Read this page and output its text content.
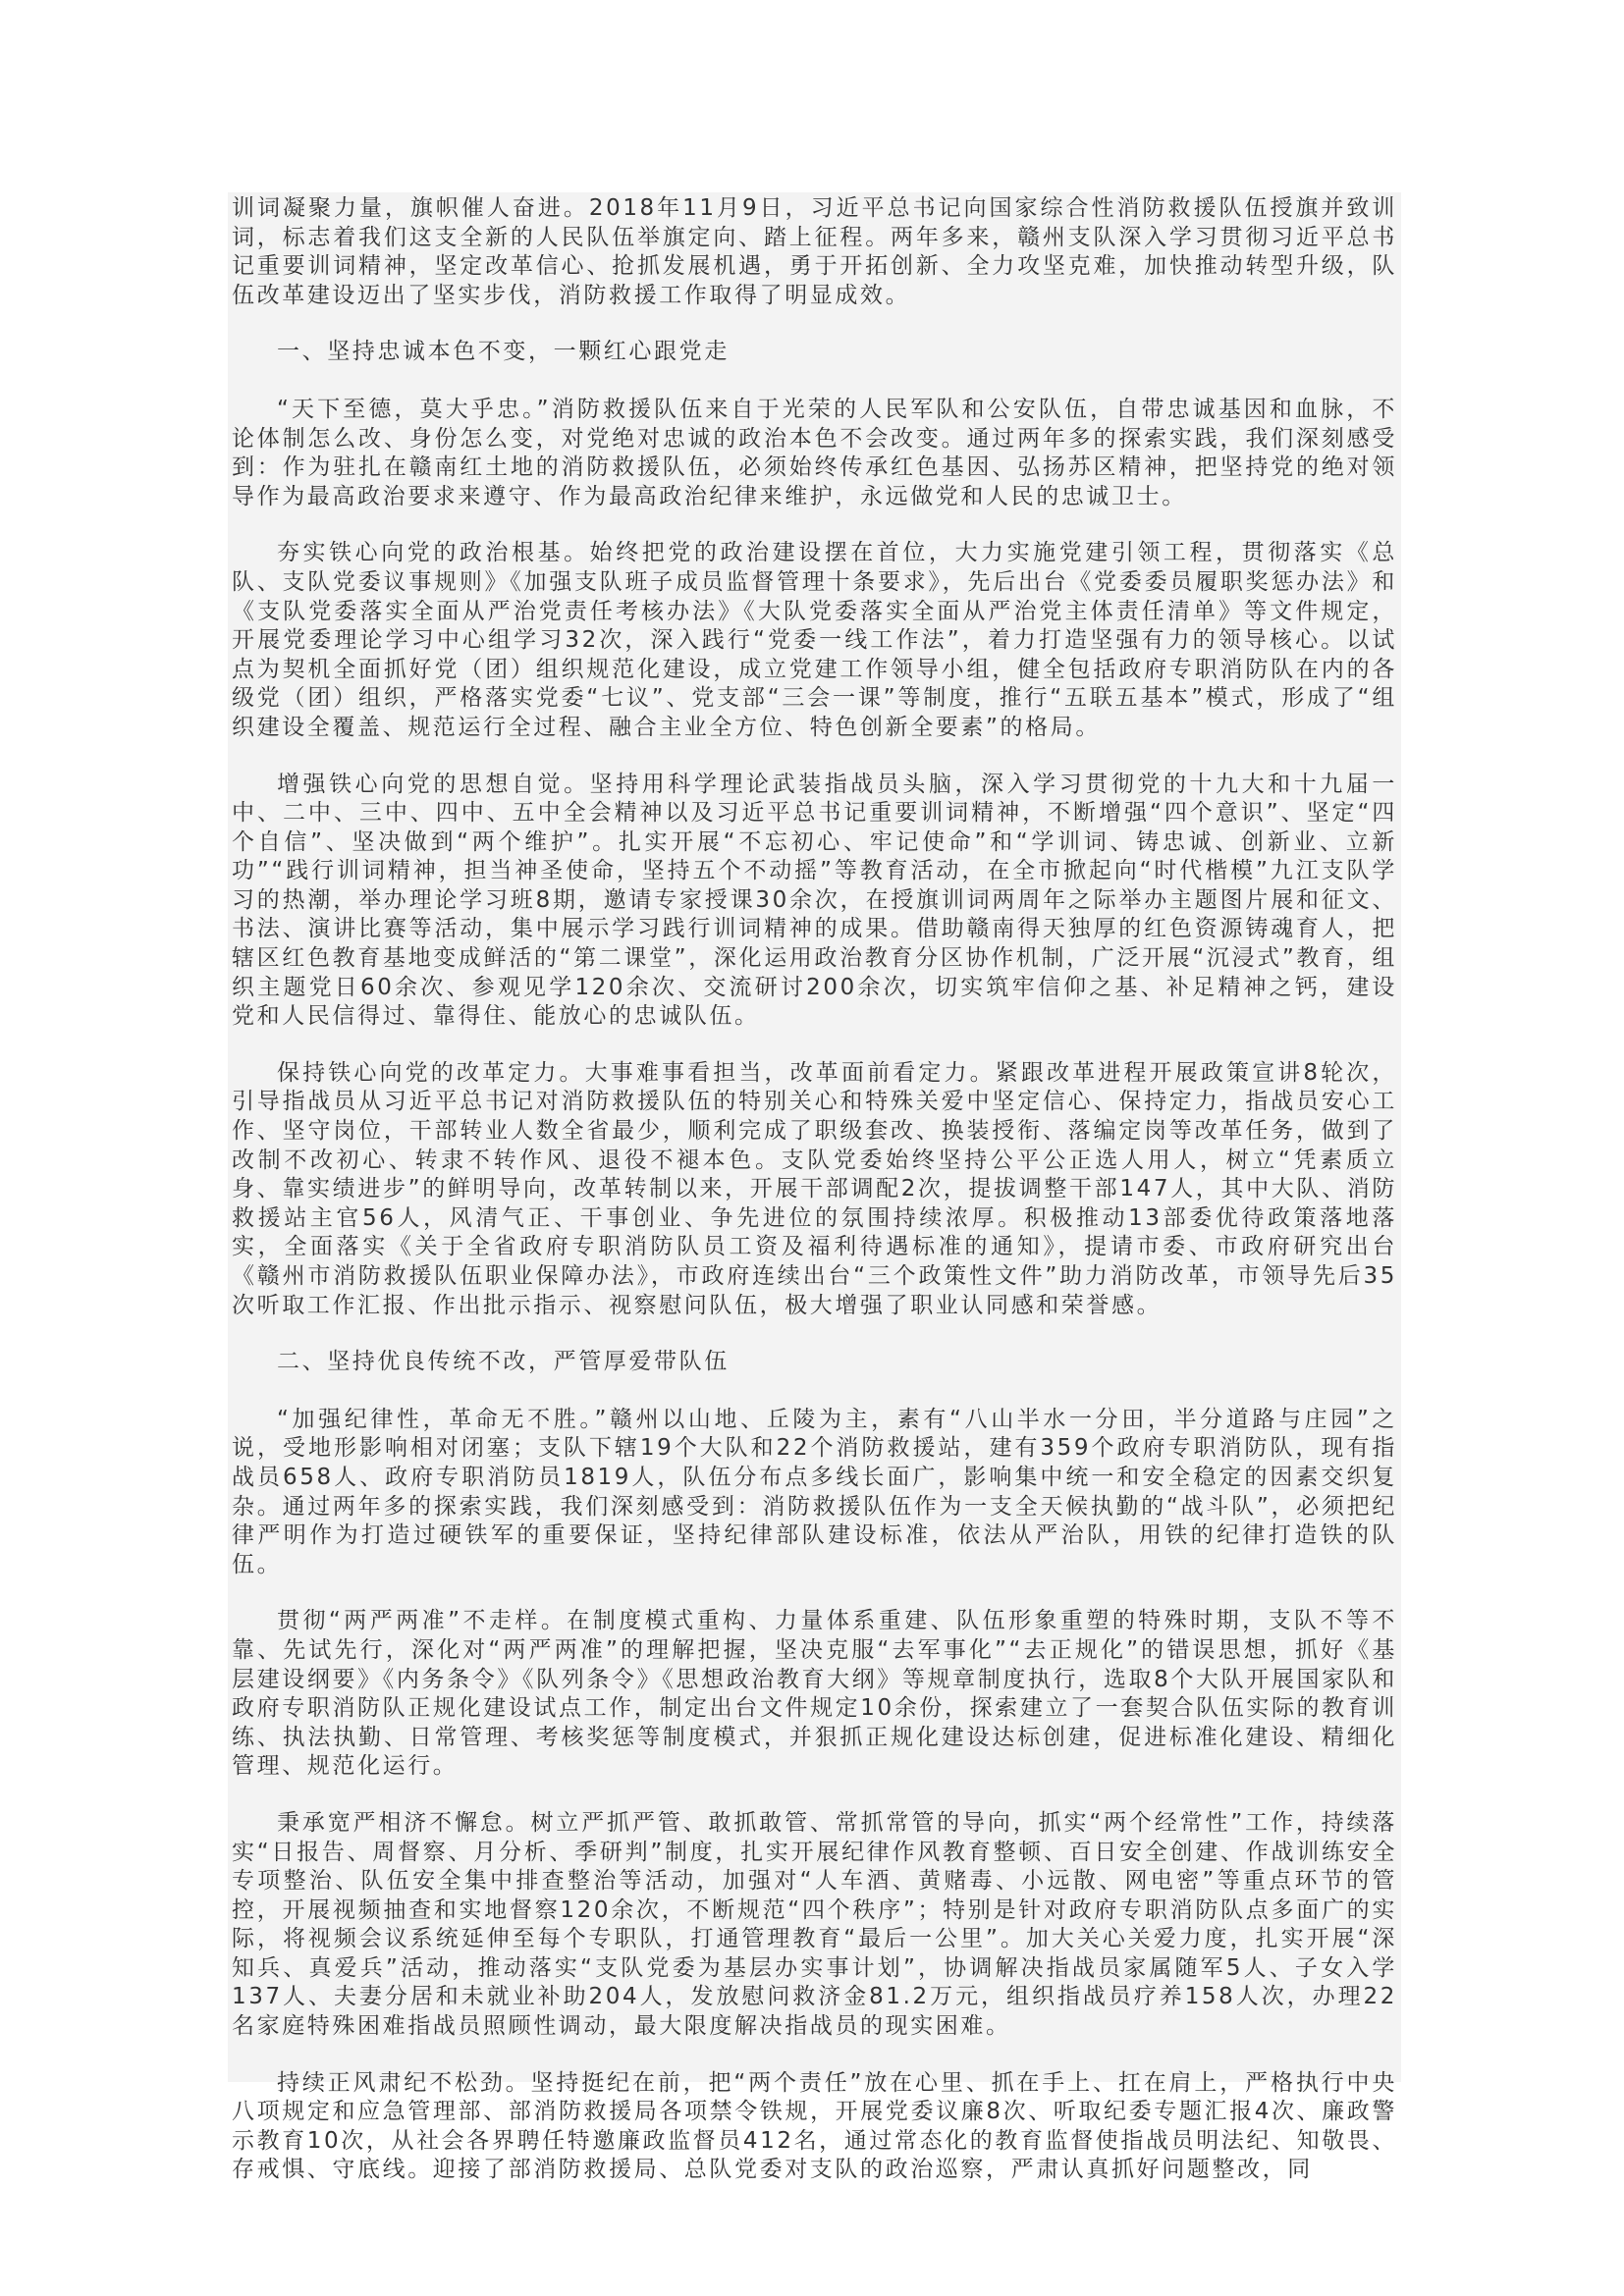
训词凝聚力量，旗帜催人奋进。2018年11月9日，习近平总书记向国家综合性消防救援队伍授旗并致训词，标志着我们这支全新的人民队伍举旗定向、踏上征程。两年多来，赣州支队深入学习贯彻习近平总书记重要训词精神，坚定改革信心、抢抓发展机遇，勇于开拓创新、全力攻坚克难，加快推动转型升级，队伍改革建设迈出了坚实步伐，消防救援工作取得了明显成效。

一、坚持忠诚本色不变，一颗红心跟党走

“天下至德，莫大乎忠。”消防救援队伍来自于光荣的人民军队和公安队伍，自带忠诚基因和血脉，不论体制怎么改、身份怎么变，对党绝对忠诚的政治本色不会改变。通过两年多的探索实践，我们深刻感受到：作为驻扎在赣南红土地的消防救援队伍，必须始终传承红色基因、弘扬苏区精神，把坚持党的绝对领导作为最高政治要求来遵守、作为最高政治纪律来维护，永远做党和人民的忠诚卫士。

夯实铁心向党的政治根基。始终把党的政治建设摆在首位，大力实施党建引领工程，贯彻落实《总队、支队党委议事规则》《加强支队班子成员监督管理十条要求》，先后出台《党委委员履职奖惩办法》和《支队党委落实全面从严治党责任考核办法》《大队党委落实全面从严治党主体责任清单》等文件规定，开展党委理论学习中心组学习32次，深入践行“党委一线工作法”，着力打造坚强有力的领导核心。以试点为契机全面抓好党（团）组织规范化建设，成立党建工作领导小组，健全包括政府专职消防队在内的各级党（团）组织，严格落实党委“七议”、党支部“三会一课”等制度，推行“五联五基本”模式，形成了“组织建设全覆盖、规范运行全过程、融合主业全方位、特色创新全要素”的格局。

增强铁心向党的思想自觉。坚持用科学理论武装指战员头脑，深入学习贯彻党的十九大和十九届一中、二中、三中、四中、五中全会精神以及习近平总书记重要训词精神，不断增强“四个意识”、坚定“四个自信”、坚决做到“两个维护”。扎实开展“不忘初心、牢记使命”和“学训词、铸忠诚、创新业、立新功”“践行训词精神，担当神圣使命，坚持五个不动摇”等教育活动，在全市掀起向“时代楷模”九江支队学习的热潮，举办理论学习班8期，邀请专家授课30余次，在授旗训词两周年之际举办主题图片展和征文、书法、演讲比赛等活动，集中展示学习践行训词精神的成果。借助赣南得天独厚的红色资源铸魂育人，把辖区红色教育基地变成鲜活的“第二课堂”，深化运用政治教育分区协作机制，广泛开展“沉浸式”教育，组织主题党日60余次、参观见学120余次、交流研讨200余次，切实筑牢信仰之基、补足精神之钙，建设党和人民信得过、靠得住、能放心的忠诚队伍。

保持铁心向党的改革定力。大事难事看担当，改革面前看定力。紧跟改革进程开展政策宣讲8轮次，引导指战员从习近平总书记对消防救援队伍的特别关心和特殊关爱中坚定信心、保持定力，指战员安心工作、坚守岗位，干部转业人数全省最少，顺利完成了职级套改、换装授衔、落编定岗等改革任务，做到了改制不改初心、转隶不转作风、退役不褪本色。支队党委始终坚持公平公正选人用人，树立“凭素质立身、靠实绩进步”的鲜明导向，改革转制以来，开展干部调配2次，提拔调整干部147人，其中大队、消防救援站主官56人，风清气正、干事创业、争先进位的氛围持续浓厚。积极推动13部委优待政策落地落实，全面落实《关于全省政府专职消防队员工资及福利待遇标准的通知》，提请市委、市政府研究出台《赣州市消防救援队伍职业保障办法》，市政府连续出台“三个政策性文件”助力消防改革，市领导先后35次听取工作汇报、作出批示指示、视察慰问队伍，极大增强了职业认同感和荣誉感。

二、坚持优良传统不改，严管厚爱带队伍

“加强纪律性，革命无不胜。”赣州以山地、丘陵为主，素有“八山半水一分田，半分道路与庄园”之说，受地形影响相对闭塞；支队下辖19个大队和22个消防救援站，建有359个政府专职消防队，现有指战员658人、政府专职消防员1819人，队伍分布点多线长面广，影响集中统一和安全稳定的因素交织复杂。通过两年多的探索实践，我们深刻感受到：消防救援队伍作为一支全天候执勤的“战斗队”，必须把纪律严明作为打造过硬铁军的重要保证，坚持纪律部队建设标准，依法从严治队，用铁的纪律打造铁的队伍。

贯彻“两严两准”不走样。在制度模式重构、力量体系重建、队伍形象重塑的特殊时期，支队不等不靠、先试先行，深化对“两严两准”的理解把握，坚决克服“去军事化”“去正规化”的错误思想，抓好《基层建设纲要》《内务条令》《队列条令》《思想政治教育大纲》等规章制度执行，选取8个大队开展国家队和政府专职消防队正规化建设试点工作，制定出台文件规定10余份，探索建立了一套契合队伍实际的教育训练、执法执勤、日常管理、考核奖惩等制度模式，并狠抓正规化建设达标创建，促进标准化建设、精细化管理、规范化运行。

秉承宽严相济不懈怠。树立严抓严管、敢抓敢管、常抓常管的导向，抓实“两个经常性”工作，持续落实“日报告、周督察、月分析、季研判”制度，扎实开展纪律作风教育整顿、百日安全创建、作战训练安全专项整治、队伍安全集中排查整治等活动，加强对“人车酒、黄赌毒、小远散、网电密”等重点环节的管控，开展视频抽查和实地督察120余次，不断规范“四个秩序”；特别是针对政府专职消防队点多面广的实际，将视频会议系统延伸至每个专职队，打通管理教育“最后一公里”。加大关心关爱力度，扎实开展“深知兵、真爱兵”活动，推动落实“支队党委为基层办实事计划”，协调解决指战员家属随军5人、子女入学137人、夫妻分居和未就业补助204人，发放慰问救济金81.2万元，组织指战员疗养158人次，办理22名家庭特殊困难指战员照顾性调动，最大限度解决指战员的现实困难。

持续正风肃纪不松劲。坚持挺纪在前，把“两个责任”放在心里、抓在手上、扛在肩上，严格执行中央八项规定和应急管理部、部消防救援局各项禁令铁规，开展党委议廉8次、听取纪委专题汇报4次、廉政警示教育10次，从社会各界聘任特邀廉政监督员412名，通过常态化的教育监督使指战员明法纪、知敬畏、存戒惧、守底线。迎接了部消防救援局、总队党委对支队的政治巡察，严肃认真抓好问题整改，同
